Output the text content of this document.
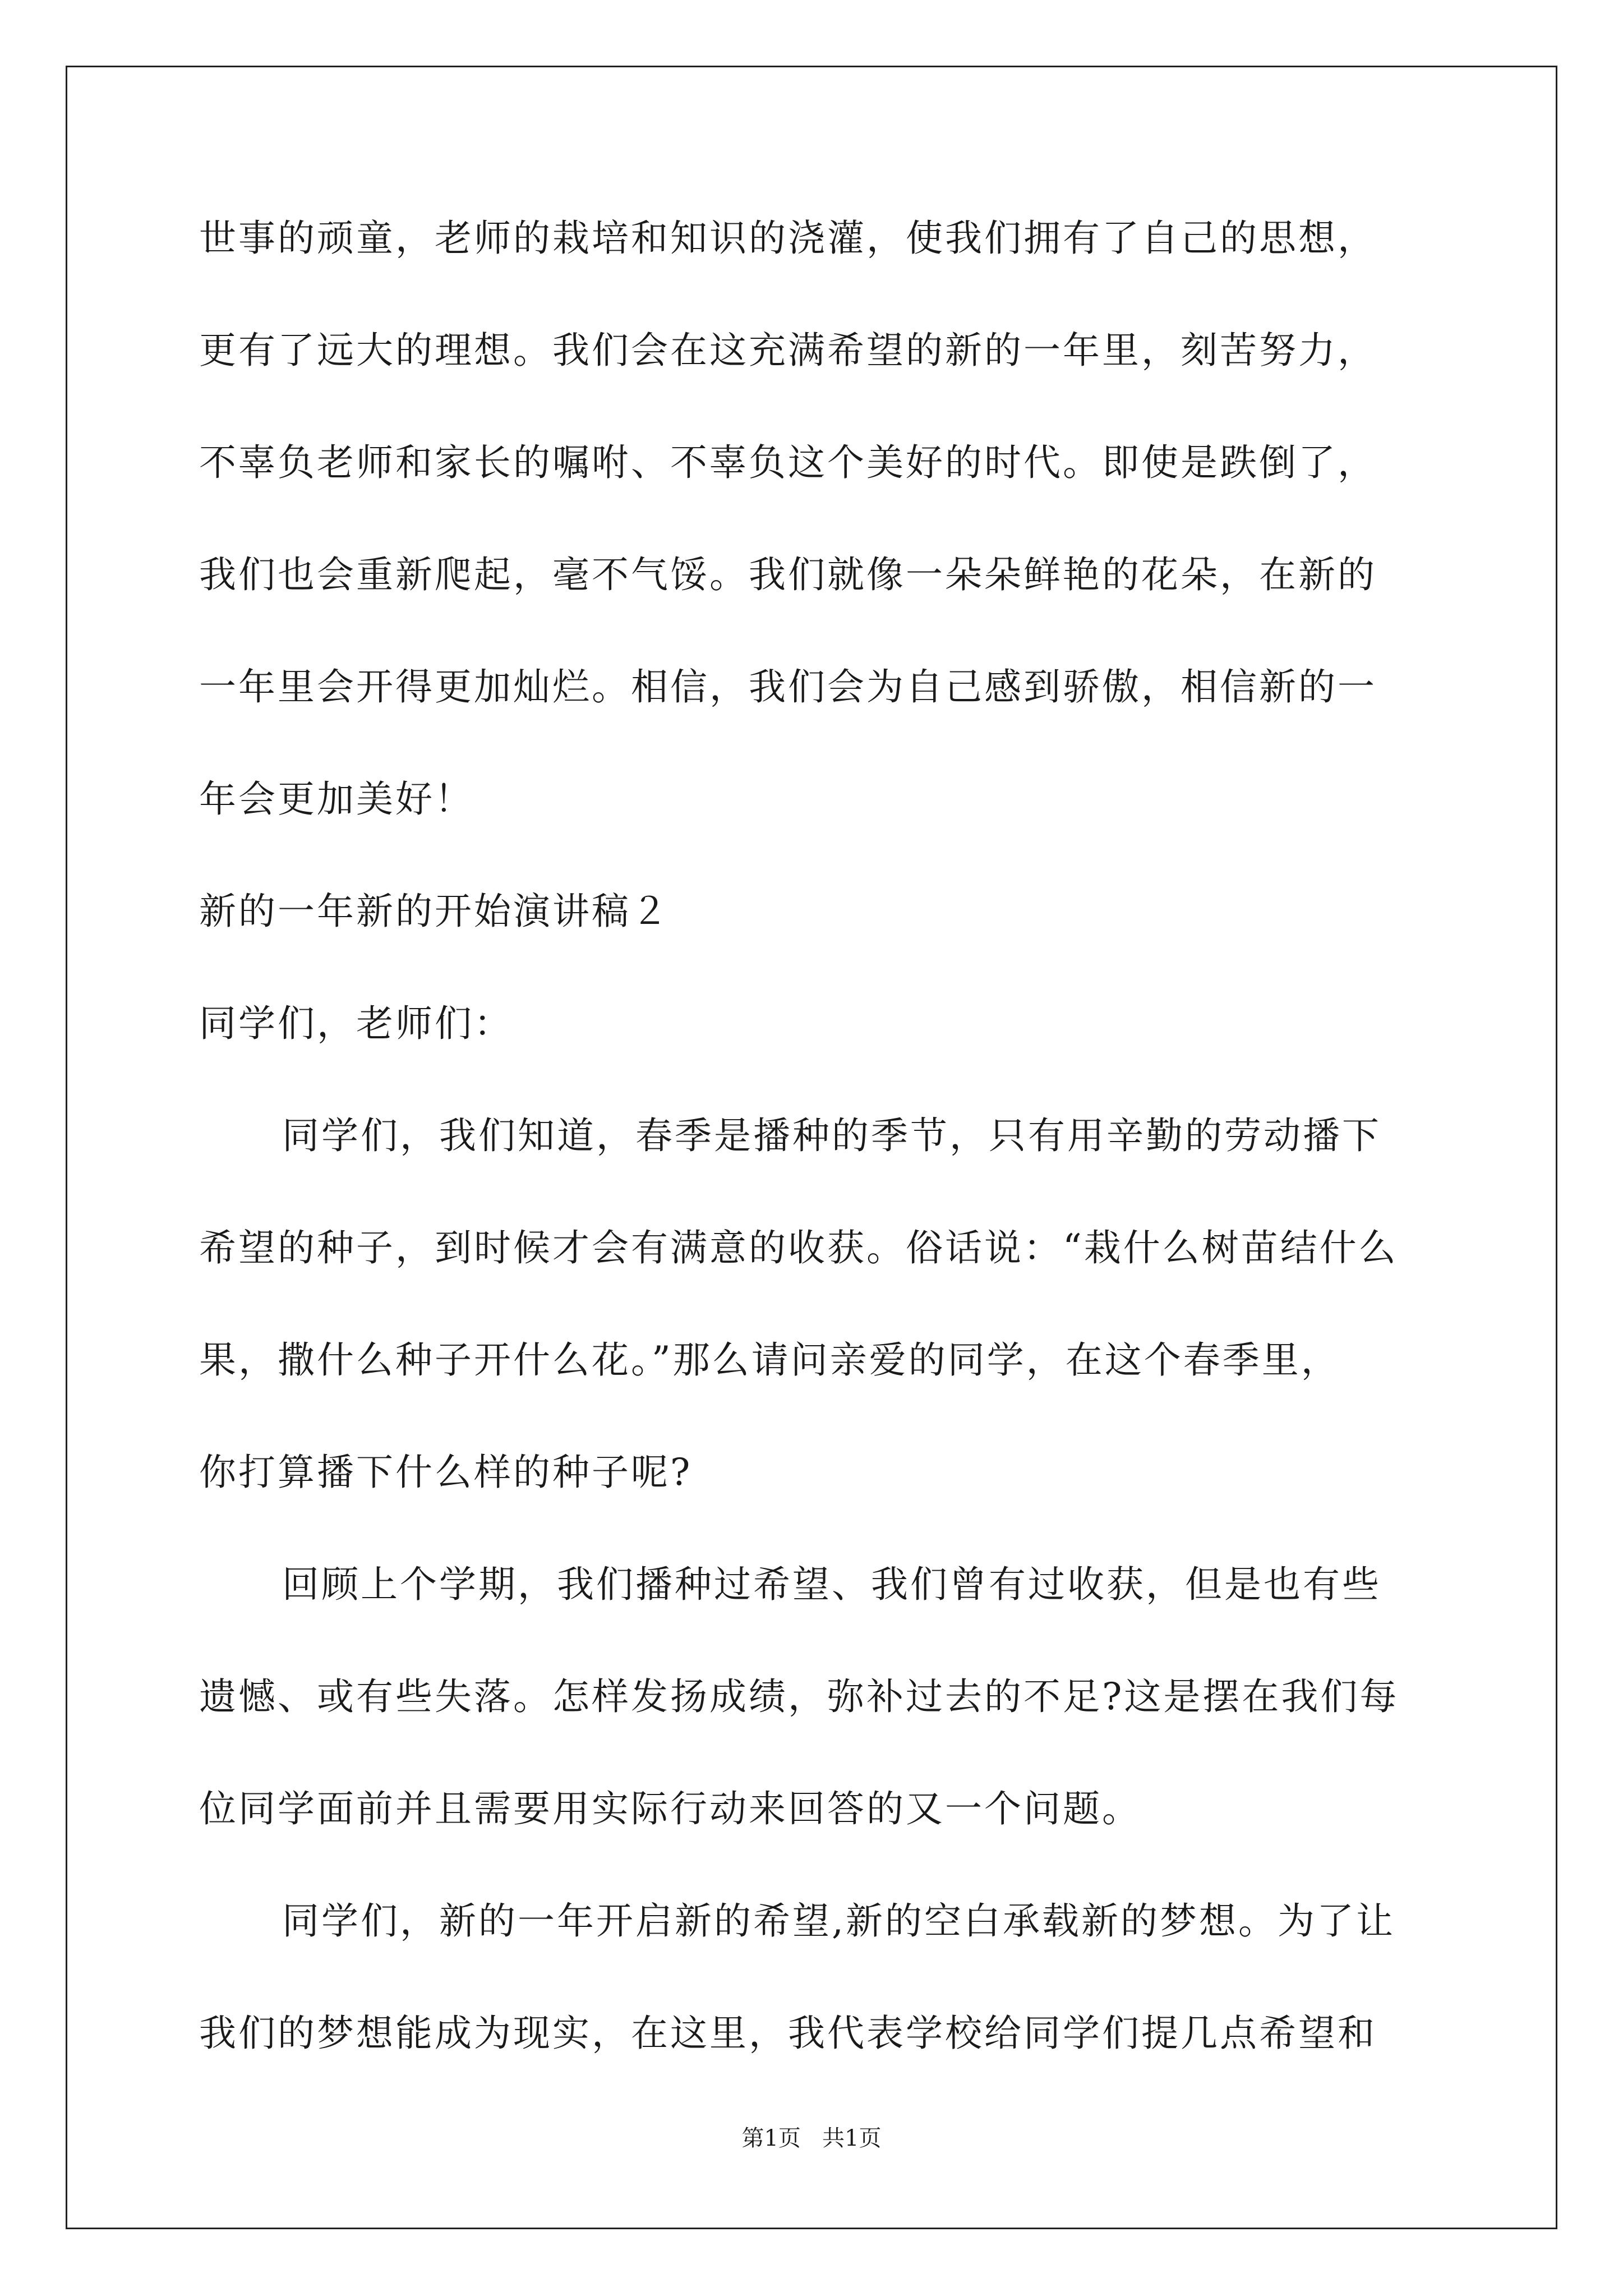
世事的顽童，老师的栽培和知识的浇灌，使我们拥有了自己的思想，
更有了远大的理想。我们会在这充满希望的新的一年里，刻苦努力，
不辜负老师和家长的嘱咐、不辜负这个美好的时代。即使是跌倒了，
我们也会重新爬起，毫不气馁。我们就像一朵朵鲜艳的花朵，在新的
一年里会开得更加灿烂。相信，我们会为自己感到骄傲，相信新的一
年会更加美好！
新的一年新的开始演讲稿２
同学们，老师们：
同学们，我们知道，春季是播种的季节，只有用辛勤的劳动播下
希望的种子，到时候才会有满意的收获。俗话说：“栽什么树苗结什么
果，撒什么种子开什么花。”那么请问亲爱的同学，在这个春季里，
你打算播下什么样的种子呢?
回顾上个学期，我们播种过希望、我们曾有过收获，但是也有些
遗憾、或有些失落。怎样发扬成绩，弥补过去的不足?这是摆在我们每
位同学面前并且需要用实际行动来回答的又一个问题。
同学们，新的一年开启新的希望,新的空白承载新的梦想。为了让
我们的梦想能成为现实，在这里，我代表学校给同学们提几点希望和
第1页   共1页
